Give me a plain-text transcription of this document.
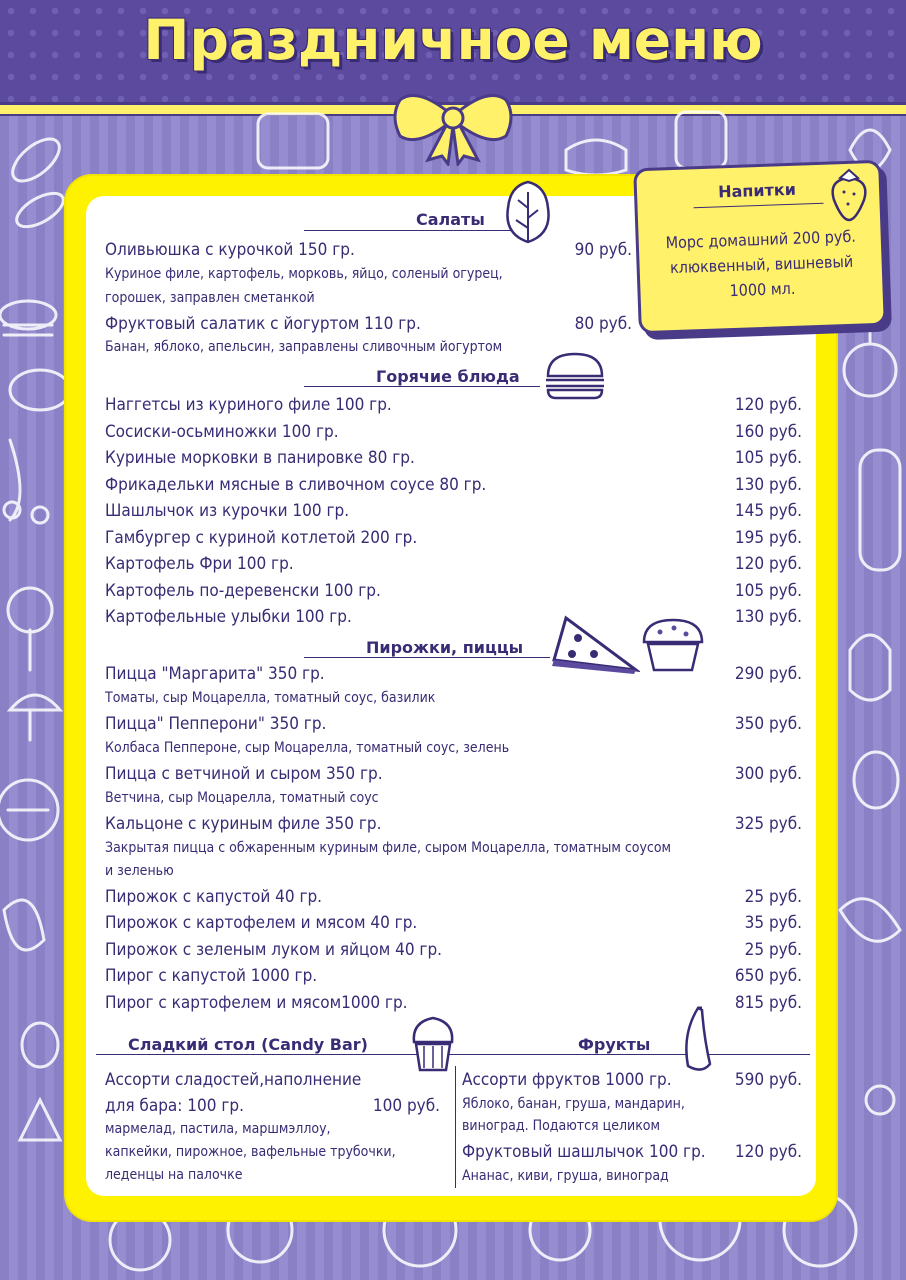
Праздничное меню
Напитки
Морс домашний 200 руб.
клюквенный, вишневый
1000 мл.
Салаты
Оливьюшка с курочкой 150 гр.	90 руб.
Куриное филе, картофель, морковь, яйцо, соленый огурец,
горошек, заправлен сметанкой
Фруктовый салатик с йогуртом 110 гр.	80 руб.
Банан, яблоко, апельсин, заправлены сливочным йогуртом
Горячие блюда
Наггетсы из куриного филе 100 гр.	120 руб.
Сосиски-осьминожки 100 гр.	160 руб.
Куриные морковки в панировке 80 гр.	105 руб.
Фрикадельки мясные в сливочном соусе 80 гр.	130 руб.
Шашлычок из курочки 100 гр.	145 руб.
Гамбургер с куриной котлетой 200 гр.	195 руб.
Картофель Фри 100 гр.	120 руб.
Картофель по-деревенски 100 гр.	105 руб.
Картофельные улыбки 100 гр.	130 руб.
Пирожки, пиццы
Пицца "Маргарита" 350 гр.	290 руб.
Томаты, сыр Моцарелла, томатный соус, базилик
Пицца" Пепперони" 350 гр.	350 руб.
Колбаса Пеппероне, сыр Моцарелла, томатный соус, зелень
Пицца с ветчиной и сыром 350 гр.	300 руб.
Ветчина, сыр Моцарелла, томатный соус
Кальцоне с куриным филе 350 гр.	325 руб.
Закрытая пицца с обжаренным куриным филе, сыром Моцарелла, томатным соусом
и зеленью
Пирожок с капустой 40 гр.	25 руб.
Пирожок с картофелем и мясом 40 гр.	35 руб.
Пирожок с зеленым луком и яйцом 40 гр.	25 руб.
Пирог с капустой 1000 гр.	650 руб.
Пирог с картофелем и мясом1000 гр.	815 руб.
Сладкий стол (Candy Bar)	Фрукты
Ассорти сладостей,наполнение
для бара: 100 гр.	100 руб.
мармелад, пастила, маршмэллоу,
капкейки, пирожное, вафельные трубочки,
леденцы на палочке
Ассорти фруктов 1000 гр.	590 руб.
Яблоко, банан, груша, мандарин,
виноград. Подаются целиком
Фруктовый шашлычок 100 гр.	120 руб.
Ананас, киви, груша, виноград
